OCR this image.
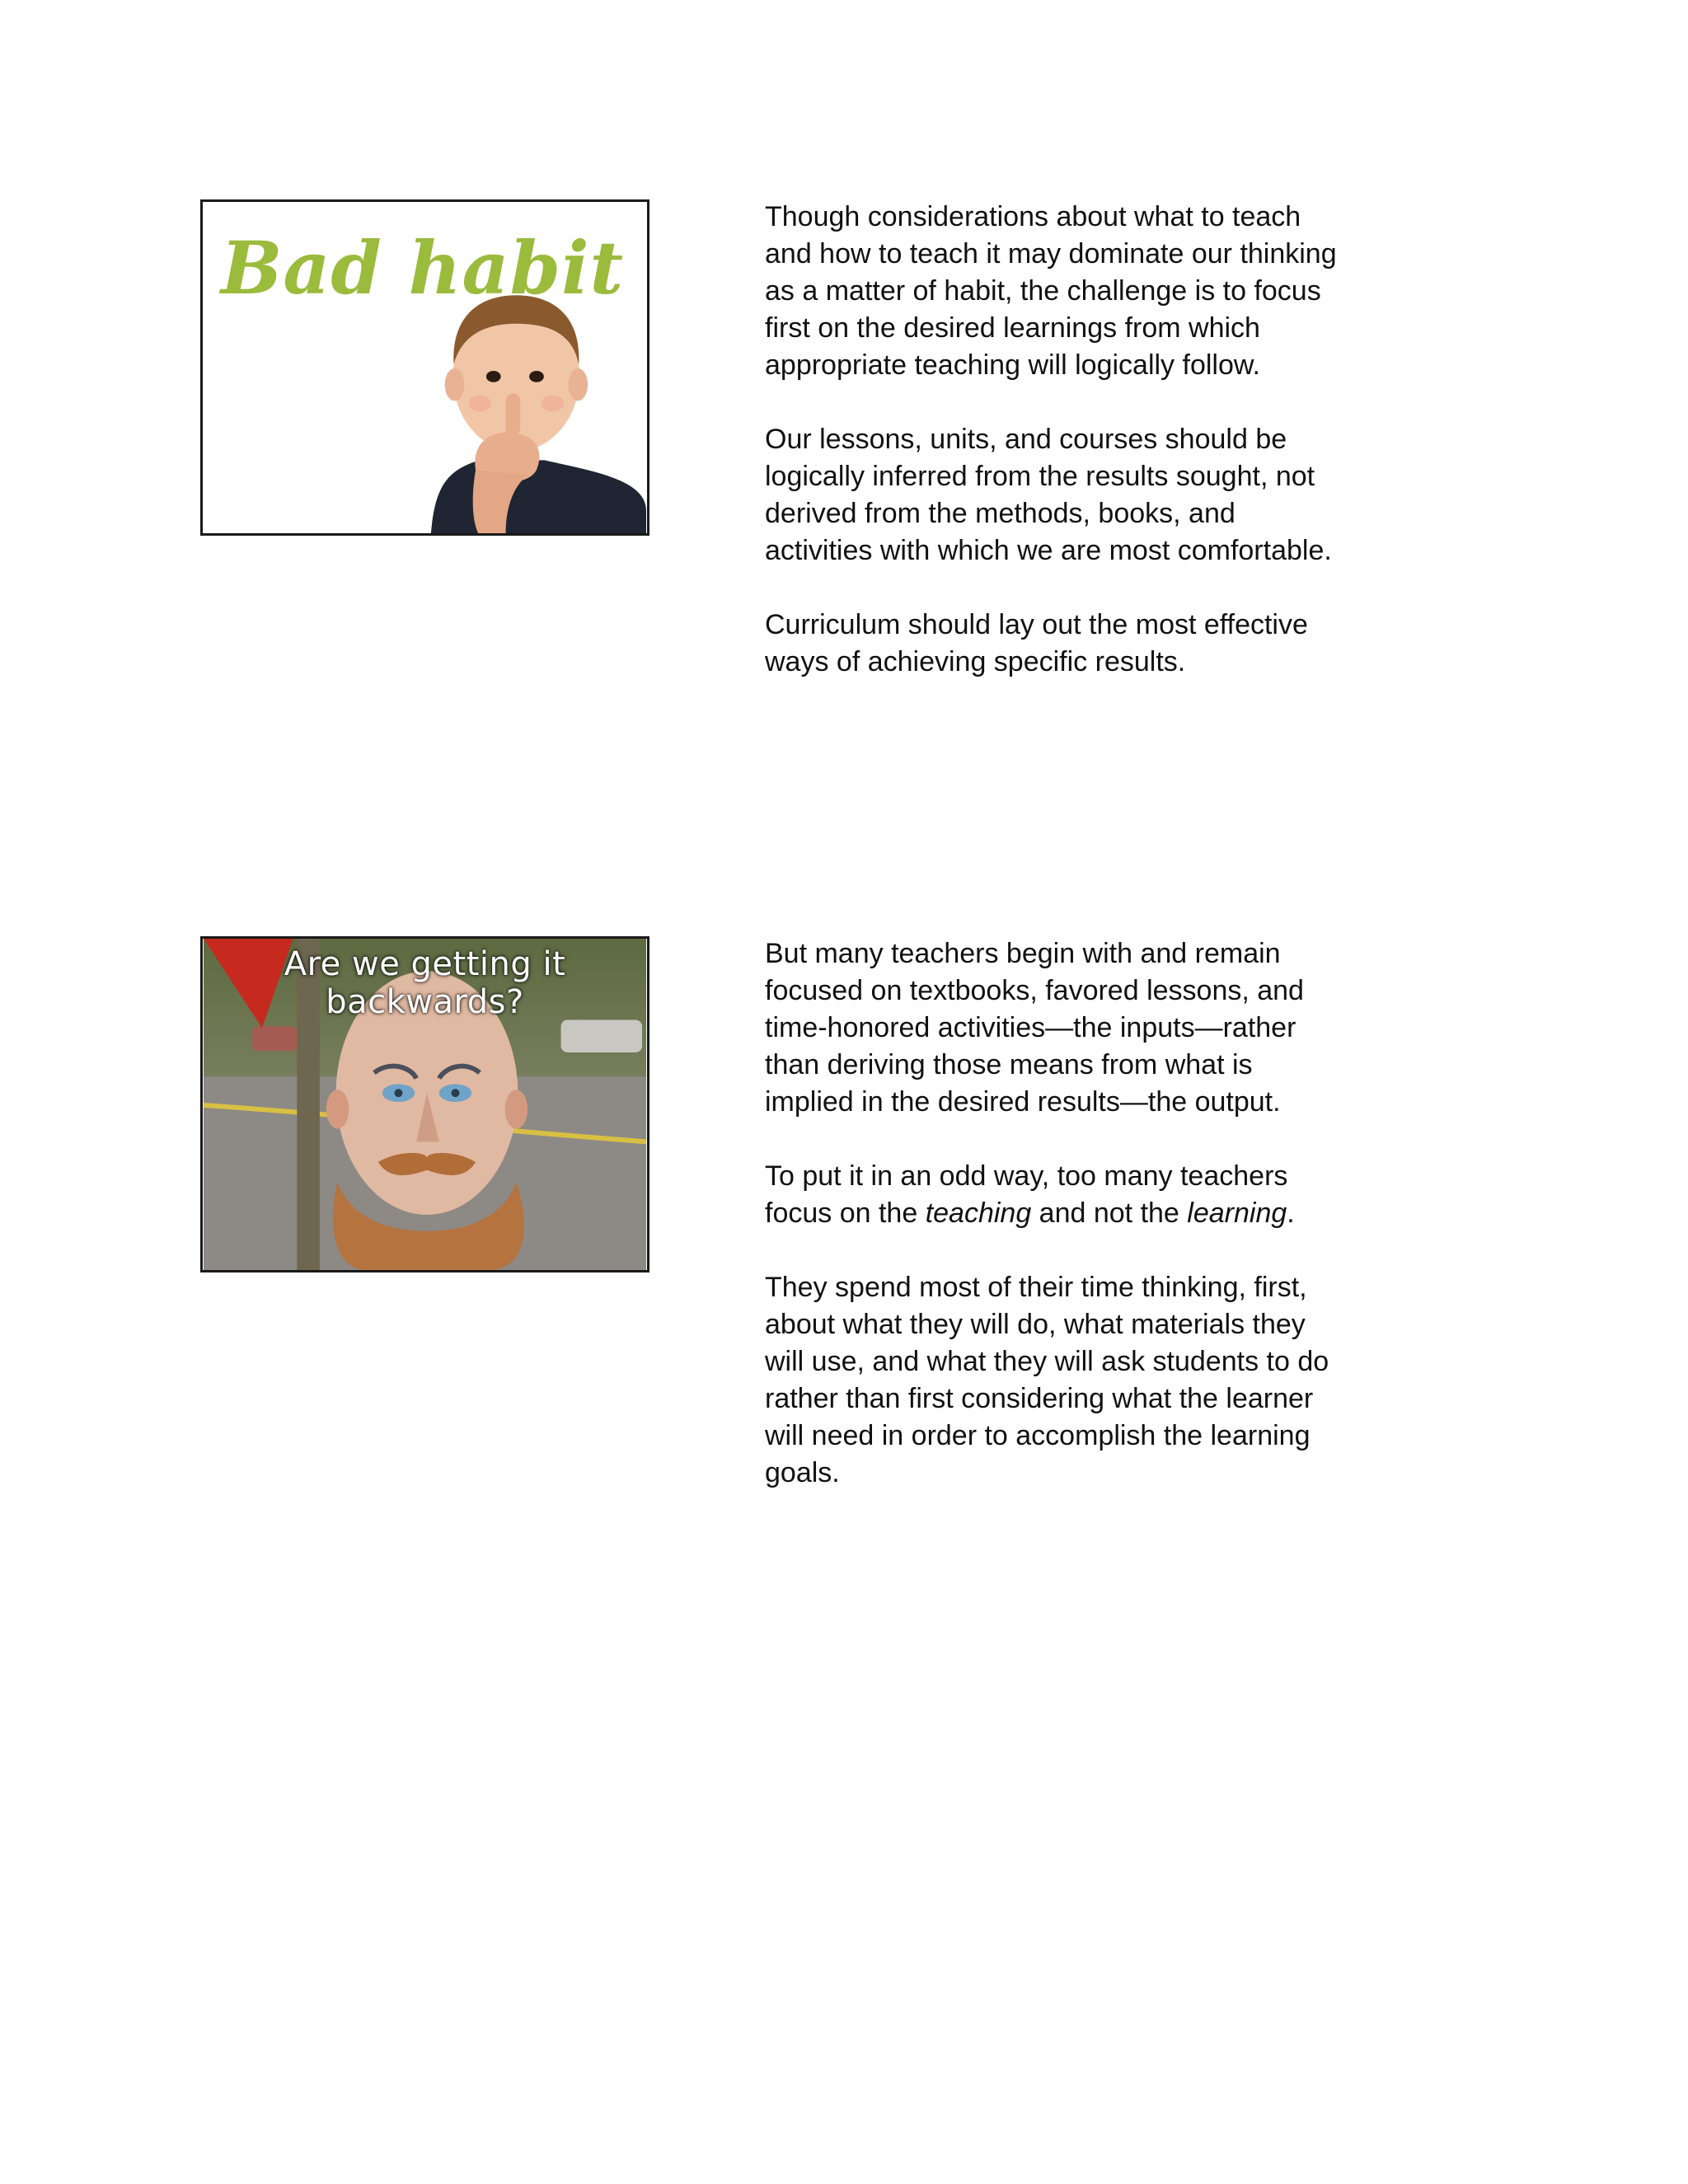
Bad habit

Though considerations about what to teach and how to teach it may dominate our thinking as a matter of habit, the challenge is to focus first on the desired learnings from which appropriate teaching will logically follow.

Our lessons, units, and courses should be logically inferred from the results sought, not derived from the methods, books, and activities with which we are most comfortable.

Curriculum should lay out the most effective ways of achieving specific results.

Are we getting it backwards?

But many teachers begin with and remain focused on textbooks, favored lessons, and time-honored activities—the inputs—rather than deriving those means from what is implied in the desired results—the output.

To put it in an odd way, too many teachers focus on the teaching and not the learning.

They spend most of their time thinking, first, about what they will do, what materials they will use, and what they will ask students to do rather than first considering what the learner will need in order to accomplish the learning goals.
